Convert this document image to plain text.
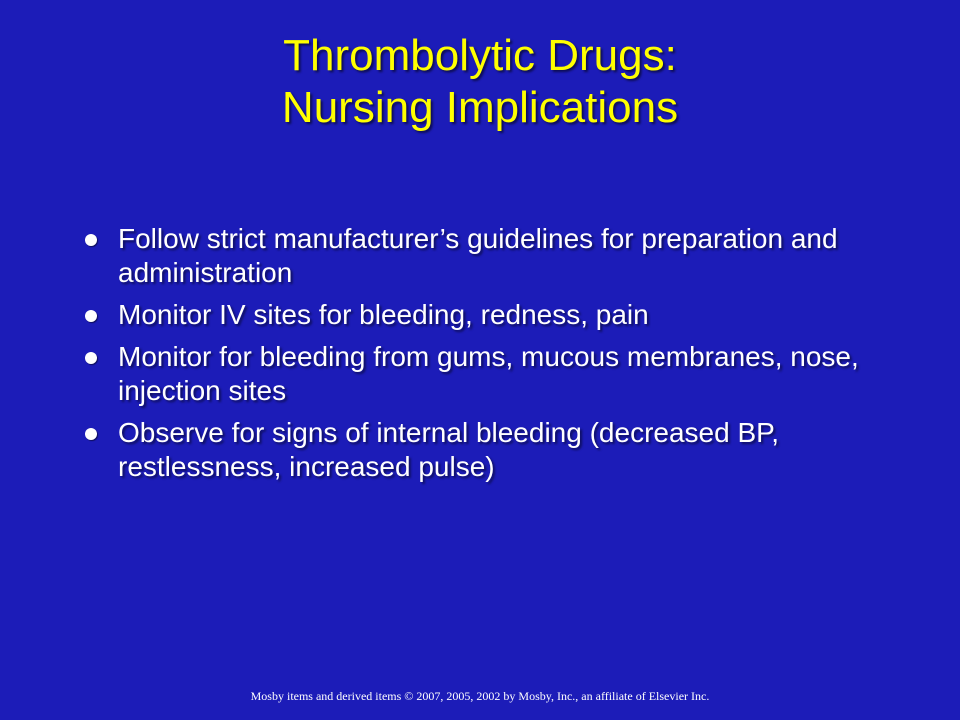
Thrombolytic Drugs:
Nursing Implications
Follow strict manufacturer’s guidelines for preparation and administration
Monitor IV sites for bleeding, redness, pain
Monitor for bleeding from gums, mucous membranes, nose, injection sites
Observe for signs of internal bleeding (decreased BP, restlessness, increased pulse)
Mosby items and derived items © 2007, 2005, 2002 by Mosby, Inc., an affiliate of Elsevier Inc.
